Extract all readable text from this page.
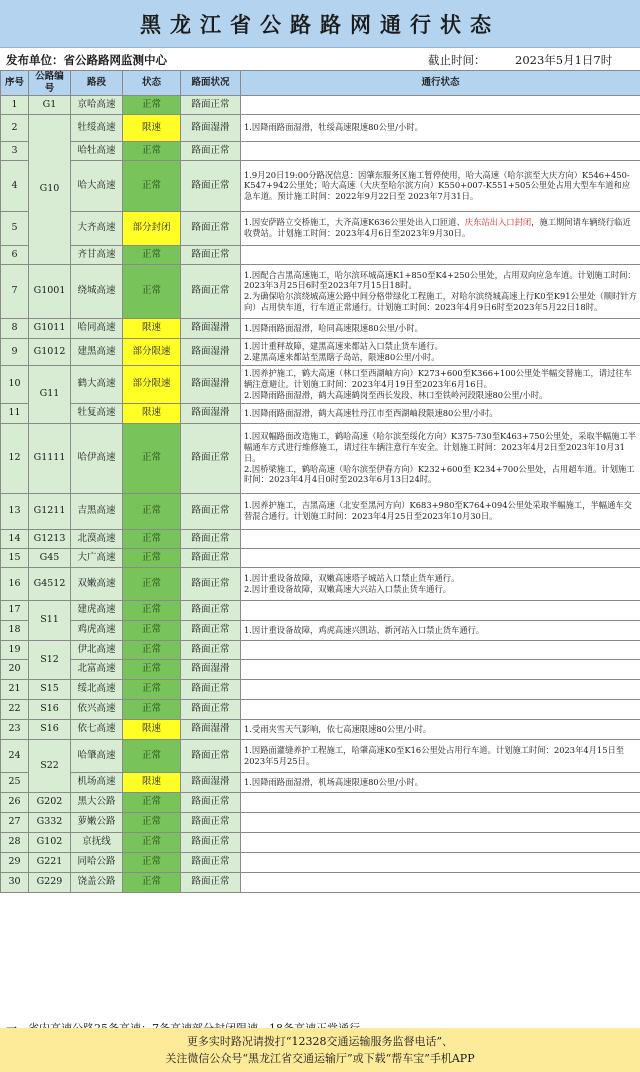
黑龙江省公路路网通行状态
发布单位：省公路路网监测中心	截止时间：	2023年5月1日7时
序号	公路编号	路段	状态	路面状况	通行状态
1	G1	京哈高速	正常	路面正常	
2	G10	牡绥高速	限速	路面湿滑	1.因降雨路面湿滑，牡绥高速限速80公里/小时。

3		哈牡高速	正常	路面正常	
4		哈大高速	正常	路面正常	1.9月20日19:00分路况信息：因肇东服务区施工暂停使用，哈大高速（哈尔滨至大庆方向）K546+450-K547+942公里处；哈大高速（大庆至哈尔滨方向）K550+007-K551+505公里处占用大型车车道和应急车道。预计施工时间：2022年9月22日至 2023年7月31日。

5		大齐高速	部分封闭	路面正常	1.因安萨路立交桥施工，大齐高速K636公里处出入口匝道、庆东站出入口封闭，施工期间请车辆绕行临近收费站。计划施工时间：2023年4月6日至2023年9月30日。
6		齐甘高速	正常	路面正常	
7	G1001	绕城高速	正常	路面正常	1.因配合吉黑高速施工，哈尔滨环城高速K1+850至K4+250公里处，占用双向应急车道。计划施工时间：2023年3月25日6时至2023年7月15日18时。
2.为确保哈尔滨绕城高速公路中间分格带绿化工程施工，对哈尔滨绕城高速上行K0至K91公里处（顺时针方向）占用快车道，行车道正常通行。计划施工时间：2023年4月9日6时至2023年5月22日18时。

8	G1011	哈同高速	限速	路面湿滑	1.因降雨路面湿滑，哈同高速限速80公里/小时。

9	G1012	建黑高速	部分限速	路面湿滑	1.因计重秤故障，建黑高速来都站入口禁止货车通行。
2.建黑高速来都站至黑瞎子岛站，限速80公里/小时。

10	G11	鹤大高速	部分限速	路面湿滑	1.因养护施工，鹤大高速（林口至西湖岫方向）K273+600至K366+100公里处半幅交替施工，请过往车辆注意避让。计划施工时间：2023年4月19日至2023年6月16日。
2.因降雨路面湿滑，鹤大高速鹤岗至西长发段、林口至铁岭河段限速80公里/小时。

11		牡复高速	限速	路面湿滑	1.因降雨路面湿滑，鹤大高速牡丹江市至西湖岫段限速80公里/小时。

12	G1111	哈伊高速	正常	路面正常	1.因双幅路面改造施工，鹤哈高速（哈尔滨至绥化方向）K375-730至K463+750公里处，采取半幅施工半幅通车方式进行维修施工，请过往车辆注意行车安全。计划施工时间：2023年4月2日至2023年10月31日。
2.因桥梁施工，鹤哈高速（哈尔滨至伊春方向）K232+600至 K234+700公里处，占用超车道。计划施工时间：2023年4月4日0时至2023年6月13日24时。

13	G1211	吉黑高速	正常	路面正常	1.因养护施工，吉黑高速（北安至黑河方向）K683+980至K764+094公里处采取半幅施工，半幅通车交替混合通行。计划施工时间：2023年4月25日至2023年10月30日。

14	G1213	北漠高速	正常	路面正常	
15	G45	大广高速	正常	路面正常	
16	G4512	双嫩高速	正常	路面正常	1.因计重设备故障，双嫩高速塔子城站入口禁止货车通行。
2.因计重设备故障，双嫩高速大兴站入口禁止货车通行。

17	S11	建虎高速	正常	路面正常	
18		鸡虎高速	正常	路面正常	1.因计重设备故障，鸡虎高速兴凯站、新河站入口禁止货车通行。

19	S12	伊北高速	正常	路面正常	
20		北富高速	正常	路面湿滑	
21	S15	绥北高速	正常	路面正常	
22	S16	依兴高速	正常	路面正常	
23	S16	依七高速	限速	路面湿滑	1.受雨夹雪天气影响，依七高速限速80公里/小时。

24	S22	哈肇高速	正常	路面正常	1.因路面灌缝养护工程施工，哈肇高速K0至K16公里处占用行车道。计划施工时间：2023年4月15日至2023年5月25日。

25		机场高速	限速	路面湿滑	1.因降雨路面湿滑，机场高速限速80公里/小时。

26	G202	黑大公路	正常	路面正常	
27	G332	萝嫩公路	正常	路面正常	
28	G102	京抚线	正常	路面正常	
29	G221	同哈公路	正常	路面正常	
30	G229	饶盖公路	正常	路面正常	
更多实时路况请拨打“12328交通运输服务监督电话”、
关注微信公众号“黑龙江省交通运输厅”或下载“帮车宝”手机APP
